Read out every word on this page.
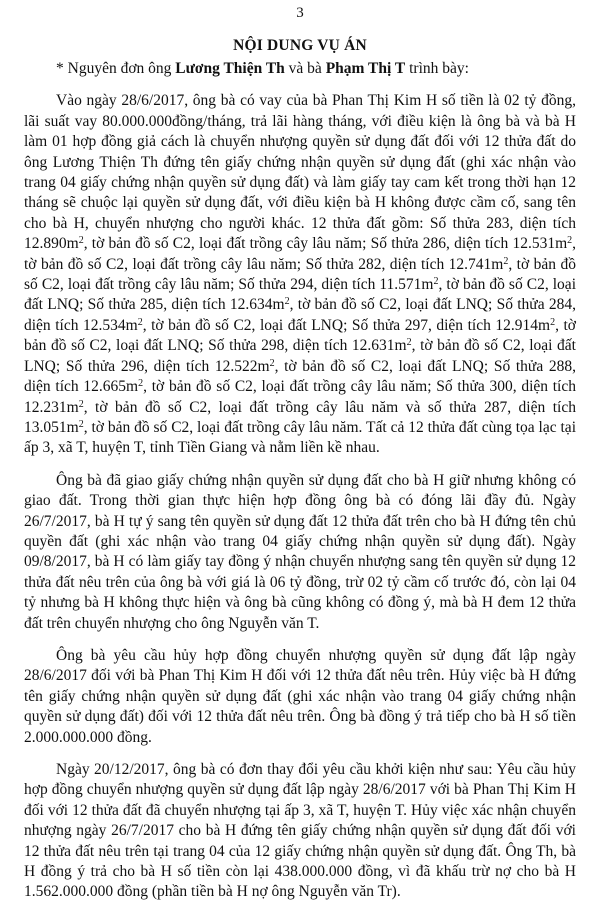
3
NỘI DUNG VỤ ÁN

* Nguyên đơn ông Lương Thiện Th và bà Phạm Thị T trình bày:

Vào ngày 28/6/2017, ông bà có vay của bà Phan Thị Kim H số tiền là 02 tỷ đồng, lãi suất vay 80.000.000đồng/tháng, trả lãi hàng tháng, với điều kiện là ông bà và bà H làm 01 hợp đồng giả cách là chuyển nhượng quyền sử dụng đất đối với 12 thửa đất do ông Lương Thiện Th đứng tên giấy chứng nhận quyền sử dụng đất (ghi xác nhận vào trang 04 giấy chứng nhận quyền sử dụng đất) và làm giấy tay cam kết trong thời hạn 12 tháng sẽ chuộc lại quyền sử dụng đất, với điều kiện bà H không được cầm cố, sang tên cho bà H, chuyển nhượng cho người khác. 12 thửa đất gồm: Số thửa 283, diện tích $12.890m^2$, tờ bản đồ số C2, loại đất trồng cây lâu năm; Số thửa 286, diện tích $12.531m^2$, tờ bản đồ số C2, loại đất trồng cây lâu năm; Số thửa 282, diện tích $12.741m^2$, tờ bản đồ số C2, loại đất trồng cây lâu năm; Số thửa 294, diện tích $11.571m^2$, tờ bản đồ số C2, loại đất LNQ; Số thửa 285, diện tích $12.634m^2$, tờ bản đồ số C2, loại đất LNQ; Số thửa 284, diện tích $12.534m^2$, tờ bản đồ số C2, loại đất LNQ; Số thửa 297, diện tích $12.914m^2$, tờ bản đồ số C2, loại đất LNQ; Số thửa 298, diện tích $12.631m^2$, tờ bản đồ số C2, loại đất LNQ; Số thửa 296, diện tích $12.522m^2$, tờ bản đồ số C2, loại đất LNQ; Số thửa 288, diện tích $12.665m^2$, tờ bản đồ số C2, loại đất trồng cây lâu năm; Số thửa 300, diện tích $12.231m^2$, tờ bản đồ số C2, loại đất trồng cây lâu năm và số thửa 287, diện tích $13.051m^2$, tờ bản đồ số C2, loại đất trồng cây lâu năm. Tất cả 12 thửa đất cùng tọa lạc tại ấp 3, xã T, huyện T, tỉnh Tiền Giang và nằm liền kề nhau.

Ông bà đã giao giấy chứng nhận quyền sử dụng đất cho bà H giữ nhưng không có giao đất. Trong thời gian thực hiện hợp đồng ông bà có đóng lãi đầy đủ. Ngày 26/7/2017, bà H tự ý sang tên quyền sử dụng đất 12 thửa đất trên cho bà H đứng tên chủ quyền đất (ghi xác nhận vào trang 04 giấy chứng nhận quyền sử dụng đất). Ngày 09/8/2017, bà H có làm giấy tay đồng ý nhận chuyển nhượng sang tên quyền sử dụng 12 thửa đất nêu trên của ông bà với giá là 06 tỷ đồng, trừ 02 tỷ cầm cố trước đó, còn lại 04 tỷ nhưng bà H không thực hiện và ông bà cũng không có đồng ý, mà bà H đem 12 thửa đất trên chuyển nhượng cho ông Nguyễn văn T.

Ông bà yêu cầu hủy hợp đồng chuyển nhượng quyền sử dụng đất lập ngày 28/6/2017 đối với bà Phan Thị Kim H đối với 12 thửa đất nêu trên. Hủy việc bà H đứng tên giấy chứng nhận quyền sử dụng đất (ghi xác nhận vào trang 04 giấy chứng nhận quyền sử dụng đất) đối với 12 thửa đất nêu trên. Ông bà đồng ý trả tiếp cho bà H số tiền 2.000.000.000 đồng.

Ngày 20/12/2017, ông bà có đơn thay đổi yêu cầu khởi kiện như sau: Yêu cầu hủy hợp đồng chuyển nhượng quyền sử dụng đất lập ngày 28/6/2017 với bà Phan Thị Kim H đối với 12 thửa đất đã chuyển nhượng tại ấp 3, xã T, huyện T. Hủy việc xác nhận chuyển nhượng ngày 26/7/2017 cho bà H đứng tên giấy chứng nhận quyền sử dụng đất đối với 12 thửa đất nêu trên tại trang 04 của 12 giấy chứng nhận quyền sử dụng đất. Ông Th, bà H đồng ý trả cho bà H số tiền còn lại 438.000.000 đồng, vì đã khấu trừ nợ cho bà H 1.562.000.000 đồng (phần tiền bà H nợ ông Nguyễn văn Tr).
